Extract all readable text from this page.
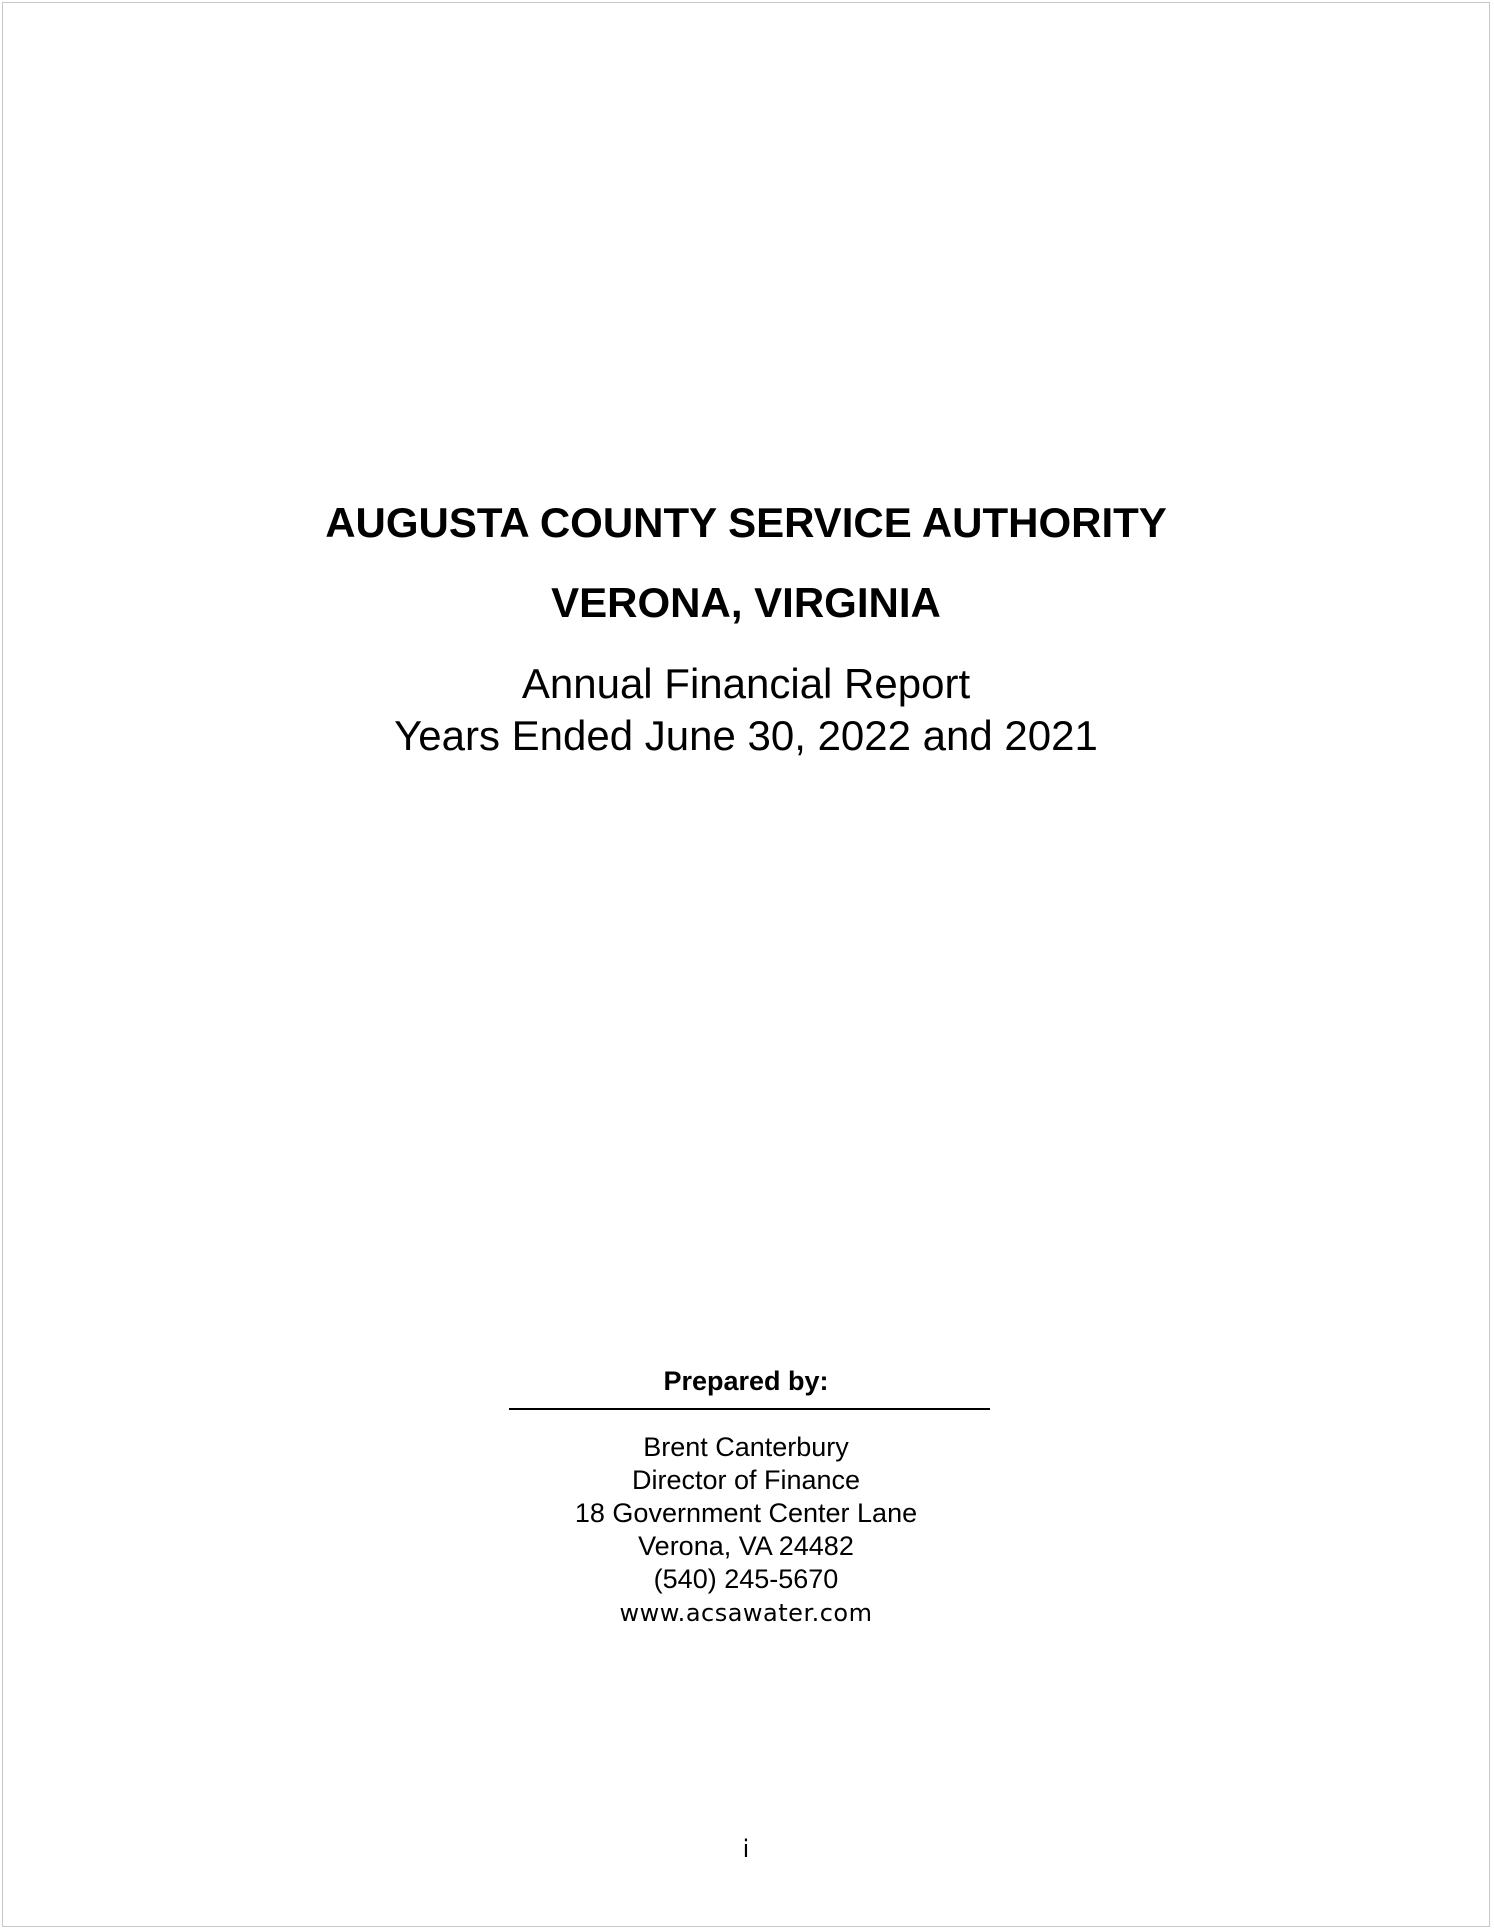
AUGUSTA COUNTY SERVICE AUTHORITY
VERONA, VIRGINIA
Annual Financial Report
Years Ended June 30, 2022 and 2021
Prepared by:
Brent Canterbury
Director of Finance
18 Government Center Lane
Verona, VA 24482
(540) 245-5670
www.acsawater.com
i
